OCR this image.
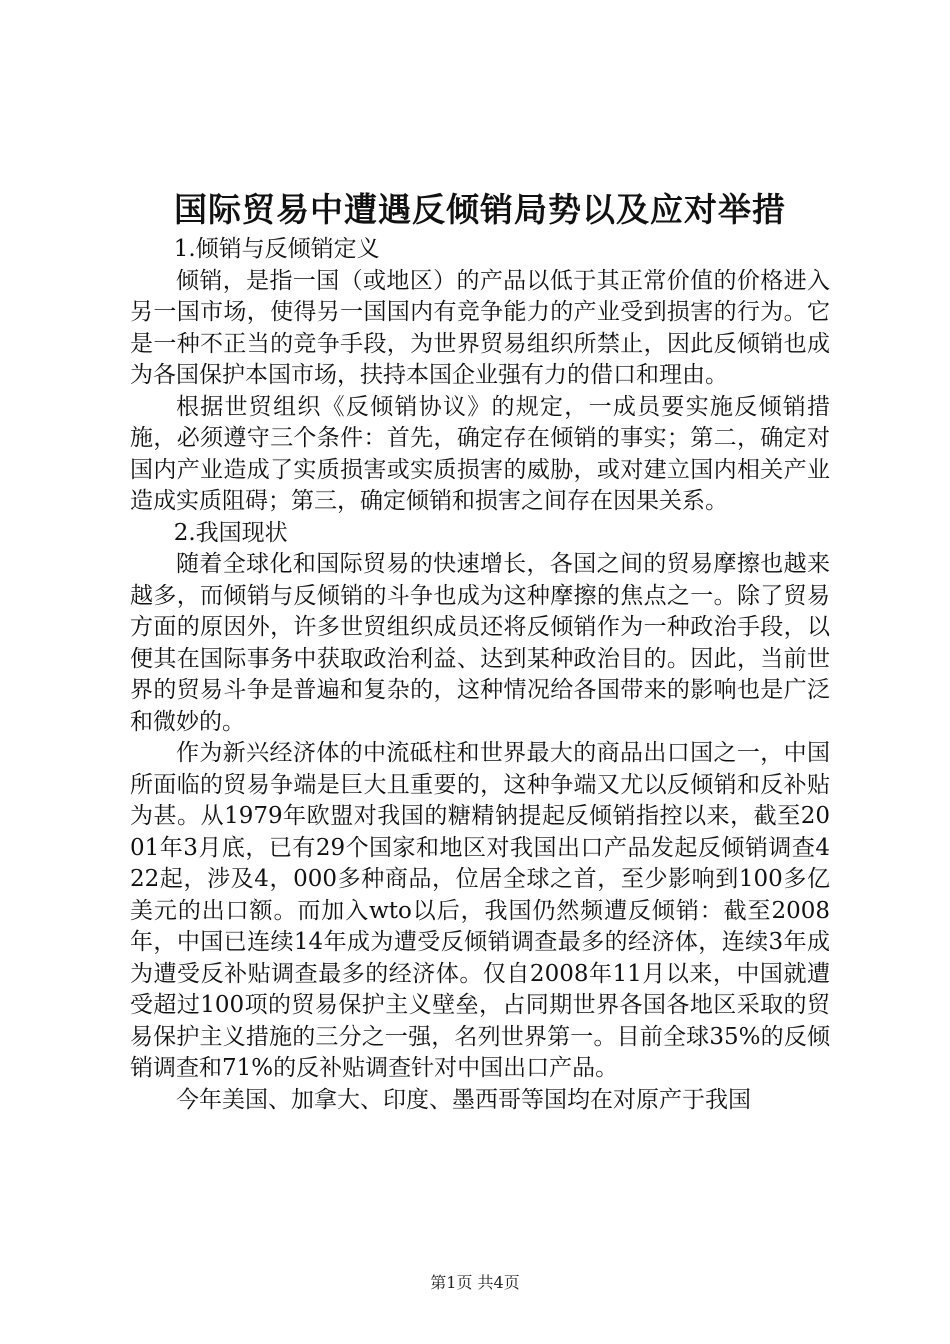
国际贸易中遭遇反倾销局势以及应对举措

1.倾销与反倾销定义

倾销，是指一国（或地区）的产品以低于其正常价值的价格进入另一国市场，使得另一国国内有竞争能力的产业受到损害的行为。它是一种不正当的竞争手段，为世界贸易组织所禁止，因此反倾销也成为各国保护本国市场，扶持本国企业强有力的借口和理由。

根据世贸组织《反倾销协议》的规定，一成员要实施反倾销措施，必须遵守三个条件：首先，确定存在倾销的事实；第二，确定对国内产业造成了实质损害或实质损害的威胁，或对建立国内相关产业造成实质阻碍；第三，确定倾销和损害之间存在因果关系。

2.我国现状

随着全球化和国际贸易的快速增长，各国之间的贸易摩擦也越来越多，而倾销与反倾销的斗争也成为这种摩擦的焦点之一。除了贸易方面的原因外，许多世贸组织成员还将反倾销作为一种政治手段，以便其在国际事务中获取政治利益、达到某种政治目的。因此，当前世界的贸易斗争是普遍和复杂的，这种情况给各国带来的影响也是广泛和微妙的。

作为新兴经济体的中流砥柱和世界最大的商品出口国之一，中国所面临的贸易争端是巨大且重要的，这种争端又尤以反倾销和反补贴为甚。从1979年欧盟对我国的糖精钠提起反倾销指控以来，截至2001年3月底，已有29个国家和地区对我国出口产品发起反倾销调查422起，涉及4，000多种商品，位居全球之首，至少影响到100多亿美元的出口额。而加入wto以后，我国仍然频遭反倾销：截至2008年，中国已连续14年成为遭受反倾销调查最多的经济体，连续3年成为遭受反补贴调查最多的经济体。仅自2008年11月以来，中国就遭受超过100项的贸易保护主义壁垒，占同期世界各国各地区采取的贸易保护主义措施的三分之一强，名列世界第一。目前全球35%的反倾销调查和71%的反补贴调查针对中国出口产品。

今年美国、加拿大、印度、墨西哥等国均在对原产于我国

第1页 共4页
